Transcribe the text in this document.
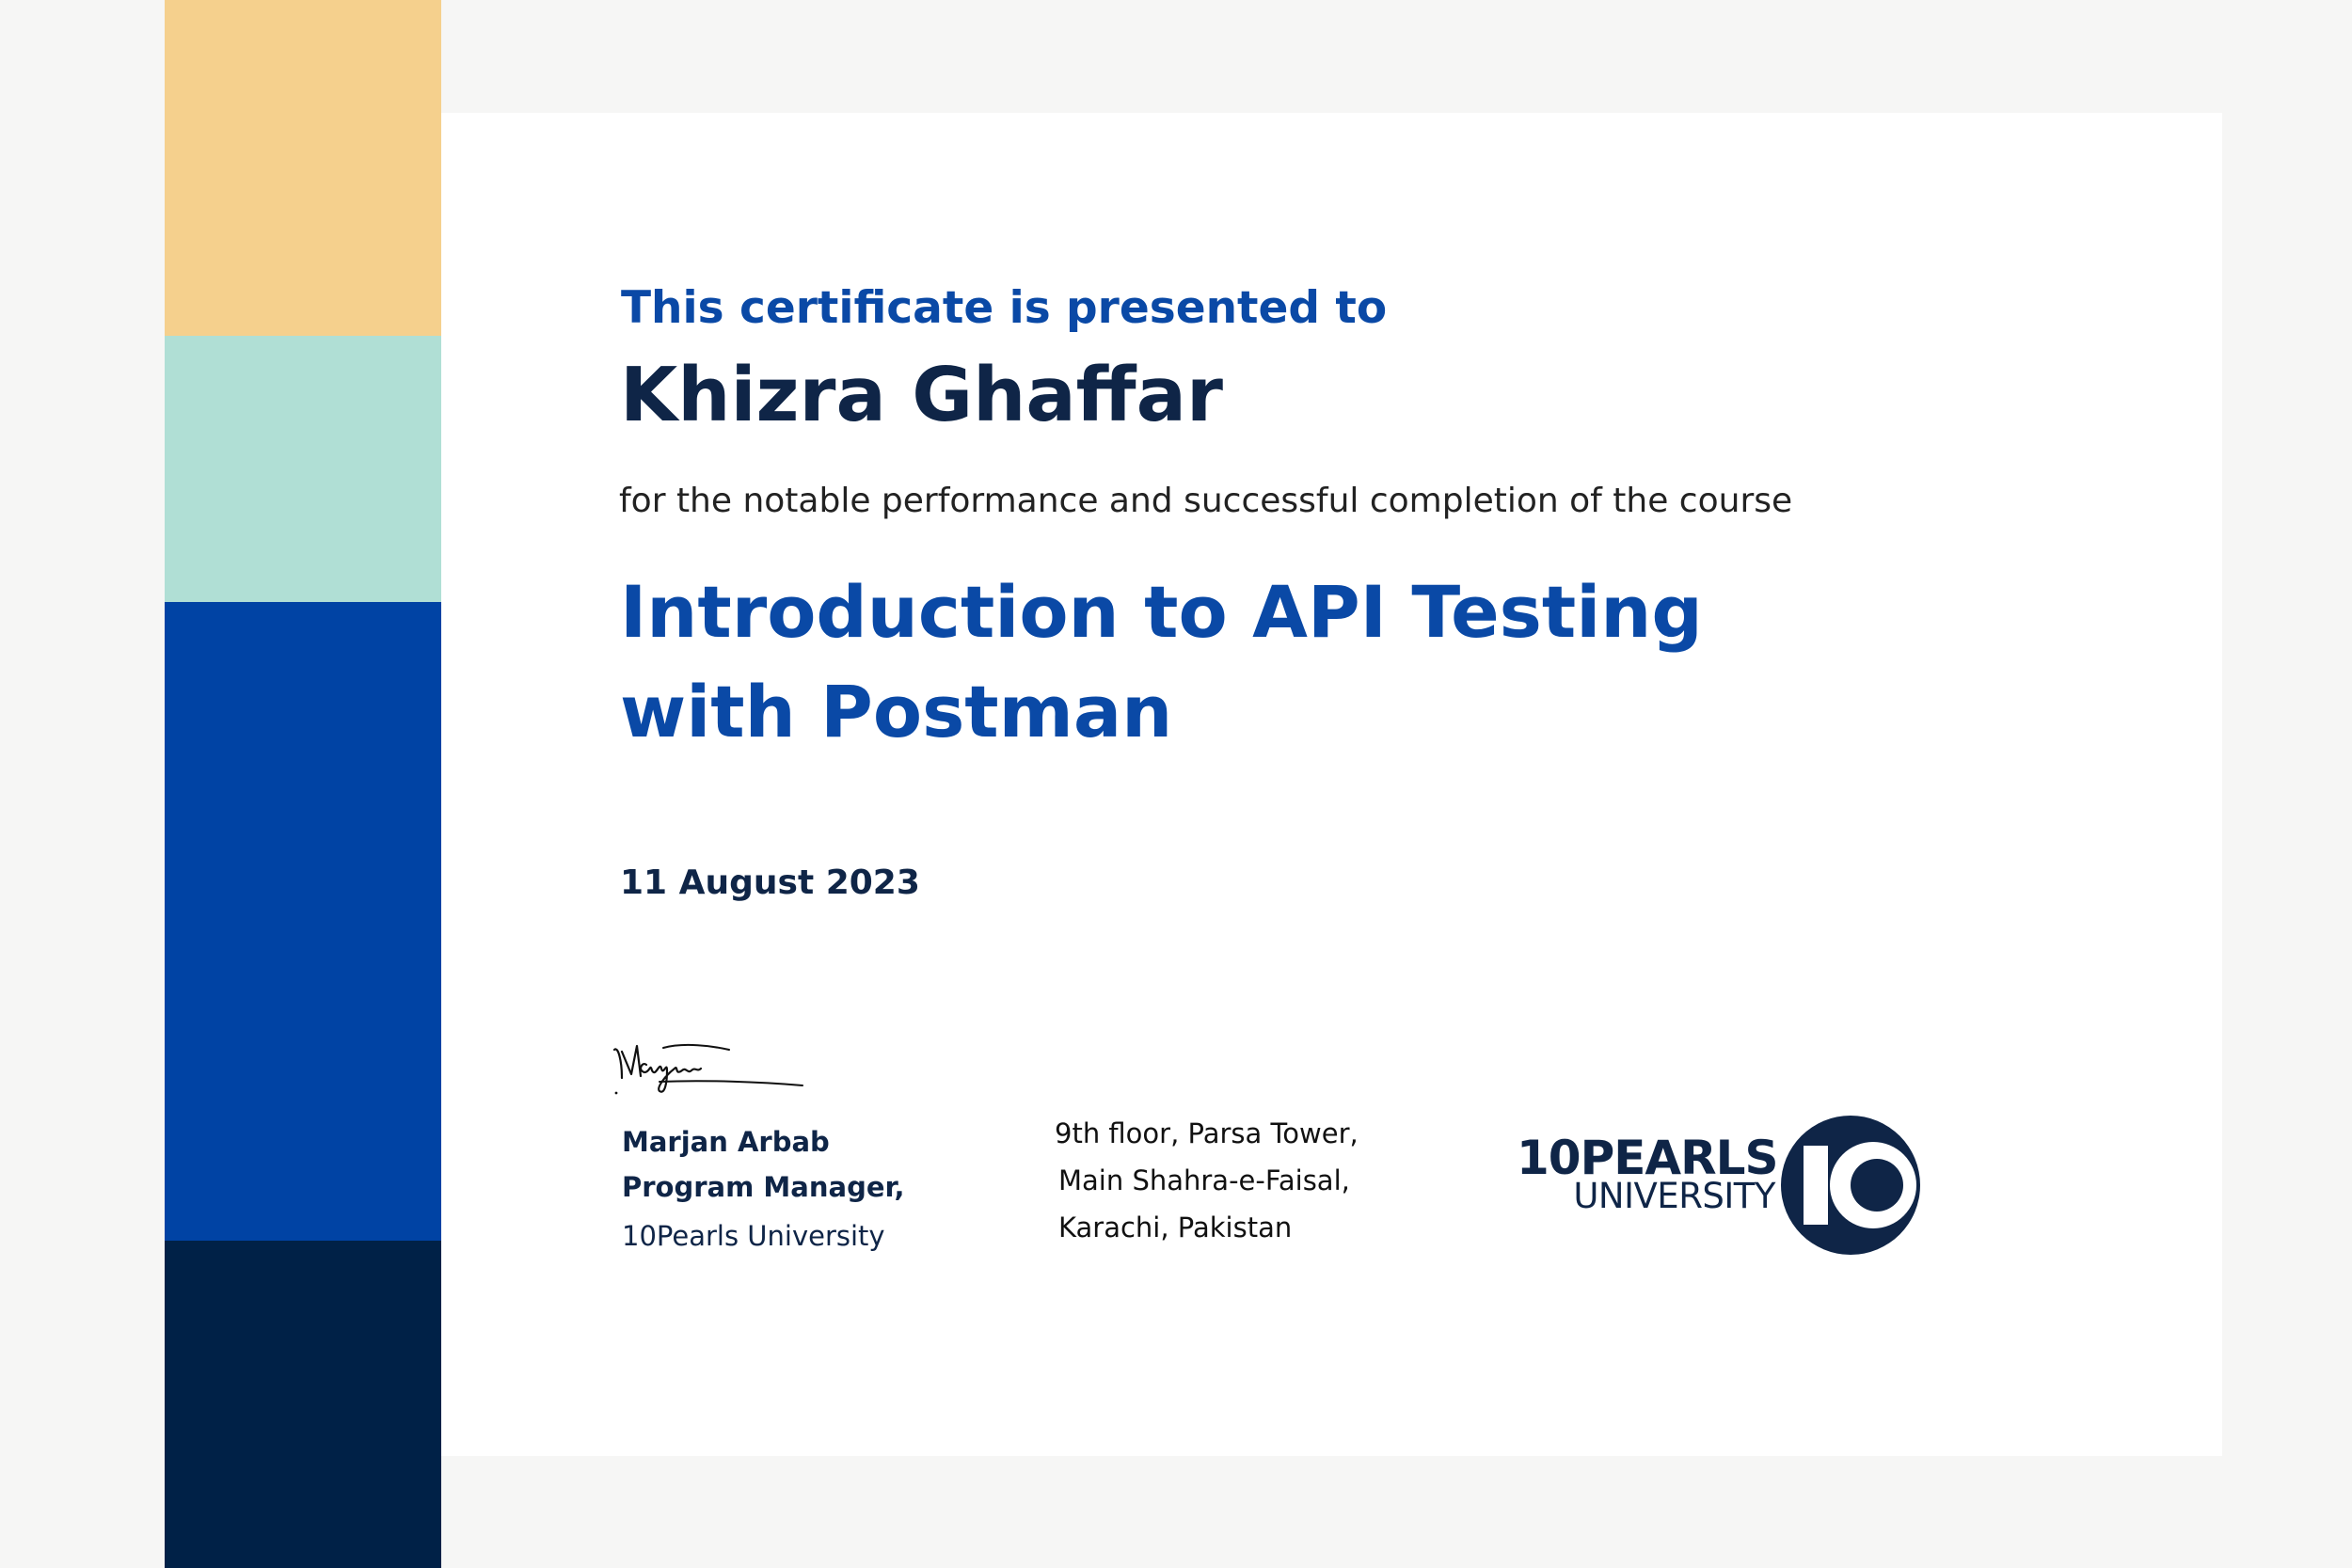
This certificate is presented to
Khizra Ghaffar
for the notable performance and successful completion of the course
Introduction to API Testing
with Postman
11 August 2023
Marjan Arbab
Program Manager,
10Pearls University
9th floor, Parsa Tower,
Main Shahra-e-Faisal,
Karachi, Pakistan
10PEARLS
UNIVERSITY
